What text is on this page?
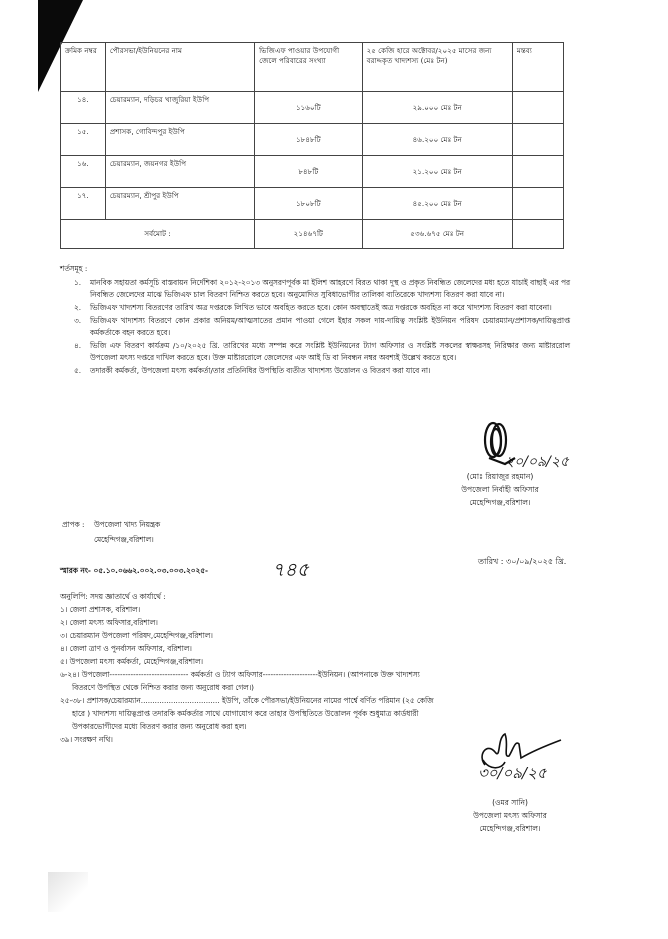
ক্রমিক নম্বর	পৌরসভা/ইউনিয়নের নাম	ভিজিএফ পাওয়ার উপযোগী জেলে পরিবারের সংখ্যা	২৫ কেজি হারে অক্টোবর/২০২৫ মাসের জন্য বরাদ্দকৃত খাদ্যশস্য (মেঃ টন)	মন্তব্য
১৪.	চেয়ারম্যান, দড়িচর খাজুরিয়া ইউপি	১১৬০টি	২৯.০০০ মেঃ টন	
১৫.	প্রশাসক, গোবিন্দপুর ইউপি	১৮৪৮টি	৪৬.২০০ মেঃ টন	
১৬.	চেয়ারম্যান, জয়নগর ইউপি	৮৪৮টি	২১.২০০ মেঃ টন	
১৭.	চেয়ারম্যান, শ্রীপুর ইউপি	১৮০৮টি	৪৫.২০০ মেঃ টন	
সর্বমোট :		২১৪৬৭টি	৫৩৬.৬৭৫ মেঃ টন	
শর্তসমূহ :
১. মানবিক সহায়তা কর্মসূচি বাস্তবায়ন নির্দেশিকা ২০১২-২০১৩ অনুসরণপূর্বক মা ইলিশ আহরণে বিরত থাকা দুস্থ ও প্রকৃত নিবন্ধিত জেলেদের মধ্য হতে যাচাই বাছাই এর পর নিবন্ধিত জেলেদের মাঝে ভিজিএফ চাল বিতরণ নিশ্চিত করতে হবে। অনুমোদিত সুবিধাভোগীর তালিকা ব্যতিরেকে খাদ্যশস্য বিতরণ করা যাবে না।
২. ভিজিএফ খাদ্যশস্য বিতরণের তারিখ অত্র দপ্তরকে লিখিত ভাবে অবহিত করতে হবে। কোন অবস্থাতেই অত্র দপ্তরকে অবহিত না করে খাদ্যশস্য বিতরণ করা যাবেনা।
৩. ভিজিএফ খাদ্যশস্য বিতরণে কোন প্রকার অনিয়ম/আত্মসাতের প্রমান পাওয়া গেলে ইহার সকল দায়-দায়িত্ব সংশ্লিষ্ট ইউনিয়ন পরিষদ চেয়ারম্যান/প্রশাসক/দায়িত্বপ্রাপ্ত কর্মকর্তাকে বহন করতে হবে।
৪. ভিজি এফ বিতরণ কার্যক্রম /১০/২০২৫ খ্রি. তারিখের মধ্যে সম্পন্ন করে সংশ্লিষ্ট ইউনিয়নের ট্যাগ অফিসার ও সংশ্লিষ্ট সকলের স্বাক্ষরসহ নিরিক্ষার জন্য মাষ্টাররোল উপজেলা মৎস্য দপ্তরে দাখিল করতে হবে। উক্ত মাষ্টাররোলে জেলেদের এফ আই ডি বা নিবন্ধন নম্বর অবশ্যই উল্লেখ করতে হবে।
৫. তদারকী কর্মকর্তা, উপজেলা মৎস্য কর্মকর্তা/তার প্রতিনিধির উপস্থিতি ব্যতীত খাদ্যশস্য উত্তোলন ও বিতরণ করা যাবে না।
২০/০৯/২৫
(মোঃ রিয়াজুর রহমান)
উপজেলা নির্বাহী অফিসার
মেহেন্দিগঞ্জ,বরিশাল।
প্রাপক : উপজেলা খাদ্য নিয়ন্ত্রক
মেহেন্দিগঞ্জ,বরিশাল।
স্মারক নং- ০৫.১০.০৬৬২.০০২.০৩.০০৩.২০২৫-	৭৪৫	তারিখ : ৩০/০৯/২০২৫ খ্রি.
অনুলিপি: সদয় জ্ঞাতার্থে ও কার্যার্থে :
১। জেলা প্রশাসক, বরিশাল।
২। জেলা মৎস্য অফিসার,বরিশাল।
৩। চেয়ারম্যান উপজেলা পরিষদ,মেহেন্দিগঞ্জ,বরিশাল।
৪। জেলা ত্রাণ ও পুনর্বাসন অফিসার, বরিশাল।
৫। উপজেলা মৎস্য কর্মকর্তা, মেহেন্দিগঞ্জ,বরিশাল।
৬-২৪। উপজেলা------------------------------ কর্মকর্তা ও ট্যাগ অফিসার---------------------ইউনিয়ন। (আপনাকে উক্ত খাদ্যশস্য
বিতরণে উপস্থিত থেকে নিশ্চিত করার জন্য অনুরোধ করা গেল।)
২৫-৩৮। প্রশাসক/চেয়ারম্যান.................................. ইউপি, তাঁকে পৌরসভা/ইউনিয়নের নামের পার্শ্বে বর্ণিত পরিমান (২৫ কেজি
হারে ) খাদ্যশস্য দায়িত্বপ্রাপ্ত তদারকি কর্মকর্তার সাথে যোগাযোগ করে তাহার উপস্থিতিতে উত্তোলন পূর্বক শুধুমাত্র কার্ডধারী
উপকারভোগীদের মধ্যে বিতরণ করার জন্য অনুরোধ করা হল।
৩৯। সংরক্ষণ নথি।
৩০/০৯/২৫
(ওমর সানি)
উপজেলা মৎস্য অফিসার
মেহেন্দিগঞ্জ,বরিশাল।
